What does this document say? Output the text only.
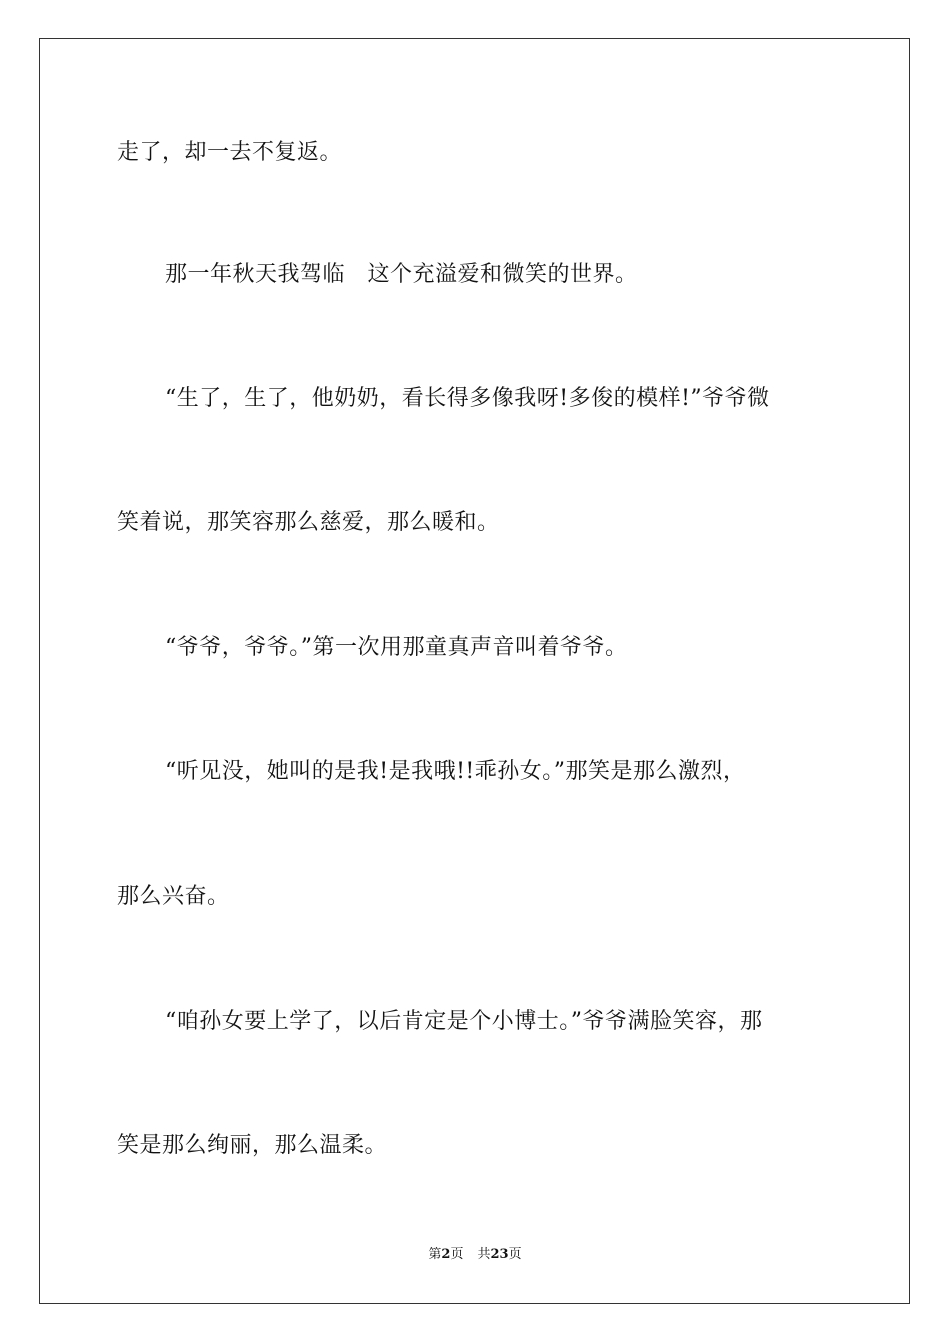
走了，却一去不复返。
那一年秋天我驾临　这个充溢爱和微笑的世界。
“生了，生了，他奶奶，看长得多像我呀!多俊的模样!”爷爷微
笑着说，那笑容那么慈爱，那么暖和。
“爷爷，爷爷。”第一次用那童真声音叫着爷爷。
“听见没，她叫的是我!是我哦!!乖孙女。”那笑是那么激烈，
那么兴奋。
“咱孙女要上学了，以后肯定是个小博士。”爷爷满脸笑容，那
笑是那么绚丽，那么温柔。
第2页 共23页
